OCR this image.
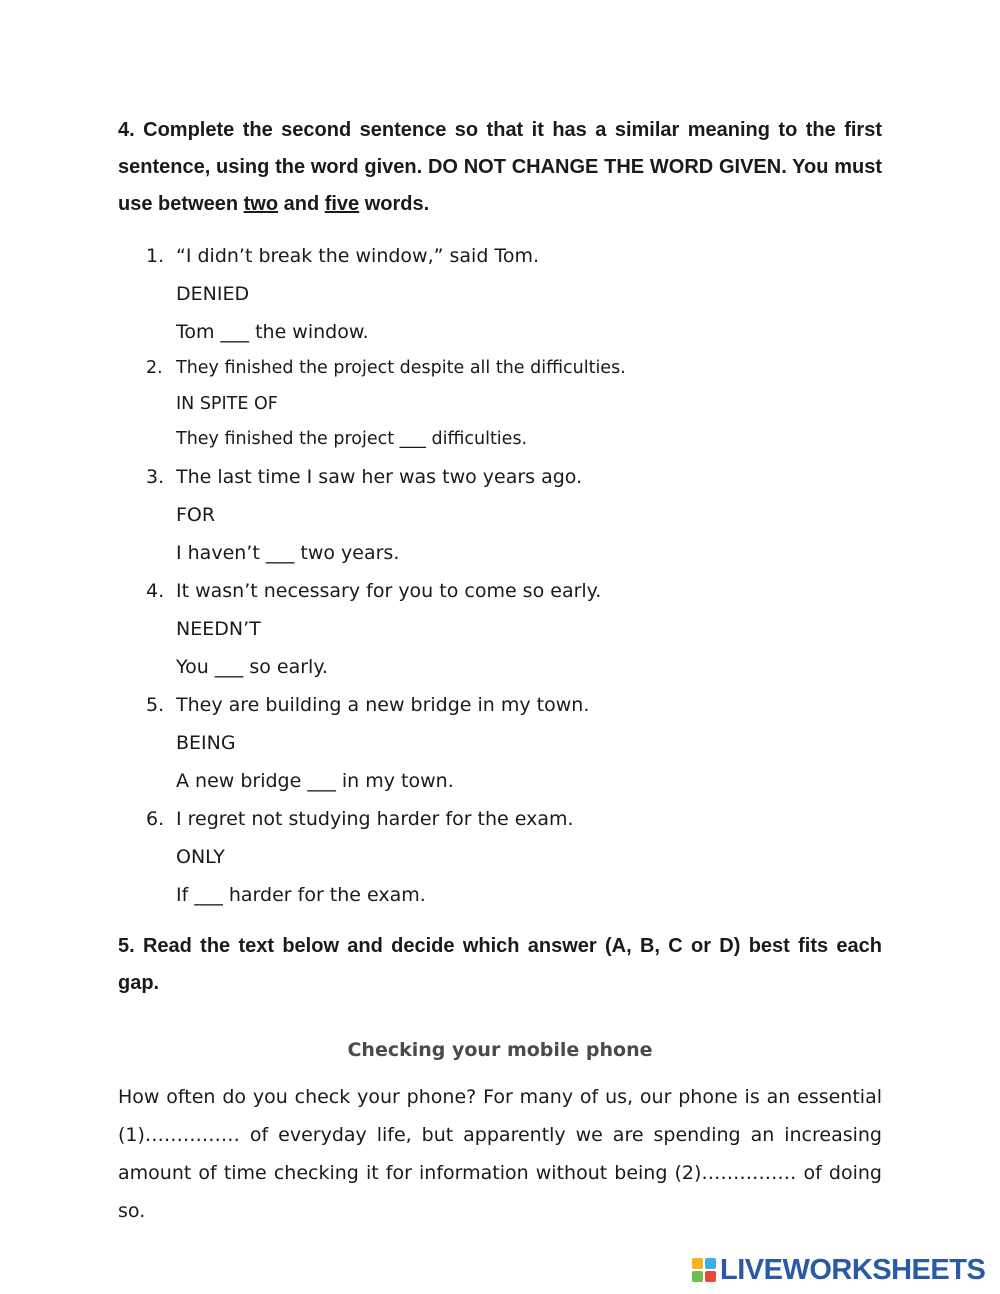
4. Complete the second sentence so that it has a similar meaning to the first sentence, using the word given. DO NOT CHANGE THE WORD GIVEN. You must use between two and five words.

1. “I didn’t break the window,” said Tom.
DENIED
Tom ___ the window.
2. They finished the project despite all the difficulties.
IN SPITE OF
They finished the project ___ difficulties.
3. The last time I saw her was two years ago.
FOR
I haven’t ___ two years.
4. It wasn’t necessary for you to come so early.
NEEDN’T
You ___ so early.
5. They are building a new bridge in my town.
BEING
A new bridge ___ in my town.
6. I regret not studying harder for the exam.
ONLY
If ___ harder for the exam.

5. Read the text below and decide which answer (A, B, C or D) best fits each gap.

Checking your mobile phone

How often do you check your phone? For many of us, our phone is an essential (1)…………… of everyday life, but apparently we are spending an increasing amount of time checking it for information without being (2)…………… of doing so.

LIVEWORKSHEETS
